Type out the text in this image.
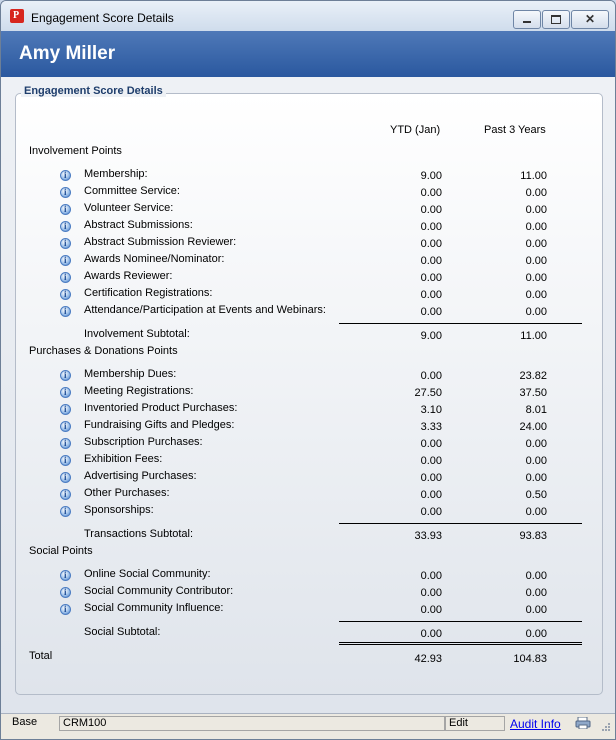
P Engagement Score Details	✕
Amy Miller
Engagement Score Details
YTD (Jan)	Past 3 Years
Involvement Points
i Membership:	9.00	11.00
i Committee Service:	0.00	0.00
i Volunteer Service:	0.00	0.00
i Abstract Submissions:	0.00	0.00
i Abstract Submission Reviewer:	0.00	0.00
i Awards Nominee/Nominator:	0.00	0.00
i Awards Reviewer:	0.00	0.00
i Certification Registrations:	0.00	0.00
i Attendance/Participation at Events and Webinars:	0.00	0.00
Involvement Subtotal:	9.00	11.00
Purchases & Donations Points
i Membership Dues:	0.00	23.82
i Meeting Registrations:	27.50	37.50
i Inventoried Product Purchases:	3.10	8.01
i Fundraising Gifts and Pledges:	3.33	24.00
i Subscription Purchases:	0.00	0.00
i Exhibition Fees:	0.00	0.00
i Advertising Purchases:	0.00	0.00
i Other Purchases:	0.00	0.50
i Sponsorships:	0.00	0.00
Transactions Subtotal:	33.93	93.83
Social Points
i Online Social Community:	0.00	0.00
i Social Community Contributor:	0.00	0.00
i Social Community Influence:	0.00	0.00
Social Subtotal:	0.00	0.00
Total	42.93	104.83
Base	CRM100	Edit	Audit Info
